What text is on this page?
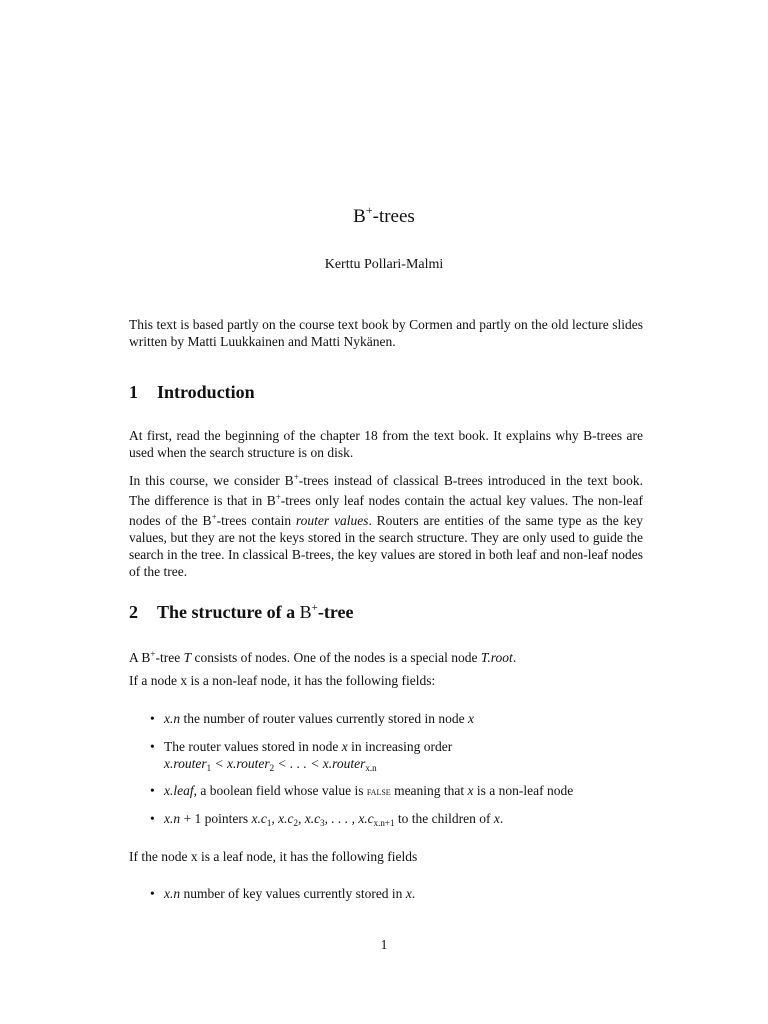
B+-trees
Kerttu Pollari-Malmi
This text is based partly on the course text book by Cormen and partly on the old lecture slides written by Matti Luukkainen and Matti Nykänen.
1 Introduction
At first, read the beginning of the chapter 18 from the text book. It explains why B-trees are used when the search structure is on disk.
In this course, we consider B+-trees instead of classical B-trees introduced in the text book. The difference is that in B+-trees only leaf nodes contain the actual key values. The non-leaf nodes of the B+-trees contain router values. Routers are entities of the same type as the key values, but they are not the keys stored in the search structure. They are only used to guide the search in the tree. In classical B-trees, the key values are stored in both leaf and non-leaf nodes of the tree.
2 The structure of a B+-tree
A B+-tree T consists of nodes. One of the nodes is a special node T.root.
If a node x is a non-leaf node, it has the following fields:
• x.n the number of router values currently stored in node x
• The router values stored in node x in increasing order
x.router$_1$ < x.router$_2$ < . . . < x.router$_{x.n}$
• x.leaf, a boolean field whose value is false meaning that x is a non-leaf node
• x.n + 1 pointers $x.c_1$, $x.c_2$, $x.c_3$, . . . , $x.c_{x.n+1}$ to the children of x.
If the node x is a leaf node, it has the following fields
• x.n number of key values currently stored in x.
1
